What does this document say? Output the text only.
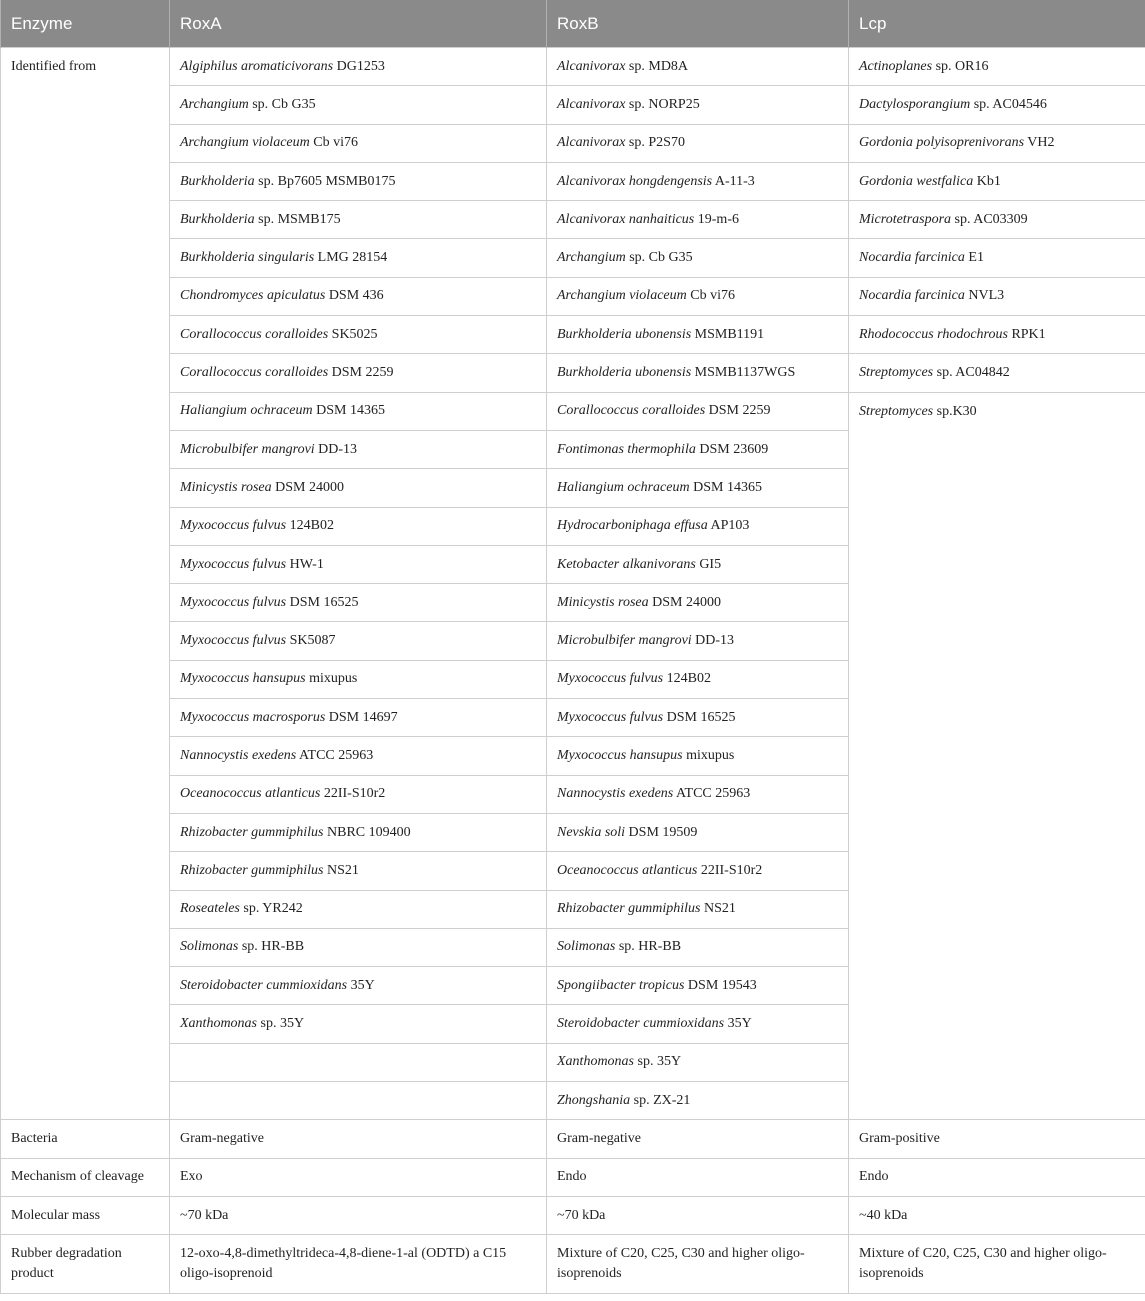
Enzyme	RoxA	RoxB	Lcp
Identified from	Algiphilus aromaticivorans DG1253	Alcanivorax sp. MD8A	Actinoplanes sp. OR16
	Archangium sp. Cb G35	Alcanivorax sp. NORP25	Dactylosporangium sp. AC04546
	Archangium violaceum Cb vi76	Alcanivorax sp. P2S70	Gordonia polyisoprenivorans VH2
	Burkholderia sp. Bp7605 MSMB0175	Alcanivorax hongdengensis A-11-3	Gordonia westfalica Kb1
	Burkholderia sp. MSMB175	Alcanivorax nanhaiticus 19-m-6	Microtetraspora sp. AC03309
	Burkholderia singularis LMG 28154	Archangium sp. Cb G35	Nocardia farcinica E1
	Chondromyces apiculatus DSM 436	Archangium violaceum Cb vi76	Nocardia farcinica NVL3
	Corallococcus coralloides SK5025	Burkholderia ubonensis MSMB1191	Rhodococcus rhodochrous RPK1
	Corallococcus coralloides DSM 2259	Burkholderia ubonensis MSMB1137WGS	Streptomyces sp. AC04842
	Haliangium ochraceum DSM 14365	Corallococcus coralloides DSM 2259	Streptomyces sp.K30
	Microbulbifer mangrovi DD-13	Fontimonas thermophila DSM 23609	
	Minicystis rosea DSM 24000	Haliangium ochraceum DSM 14365	
	Myxococcus fulvus 124B02	Hydrocarboniphaga effusa AP103	
	Myxococcus fulvus HW-1	Ketobacter alkanivorans GI5	
	Myxococcus fulvus DSM 16525	Minicystis rosea DSM 24000	
	Myxococcus fulvus SK5087	Microbulbifer mangrovi DD-13	
	Myxococcus hansupus mixupus	Myxococcus fulvus 124B02	
	Myxococcus macrosporus DSM 14697	Myxococcus fulvus DSM 16525	
	Nannocystis exedens ATCC 25963	Myxococcus hansupus mixupus	
	Oceanococcus atlanticus 22II-S10r2	Nannocystis exedens ATCC 25963	
	Rhizobacter gummiphilus NBRC 109400	Nevskia soli DSM 19509	
	Rhizobacter gummiphilus NS21	Oceanococcus atlanticus 22II-S10r2	
	Roseateles sp. YR242	Rhizobacter gummiphilus NS21	
	Solimonas sp. HR-BB	Solimonas sp. HR-BB	
	Steroidobacter cummioxidans 35Y	Spongiibacter tropicus DSM 19543	
	Xanthomonas sp. 35Y	Steroidobacter cummioxidans 35Y	
		Xanthomonas sp. 35Y	
		Zhongshania sp. ZX-21	
Bacteria	Gram-negative	Gram-negative	Gram-positive
Mechanism of cleavage	Exo	Endo	Endo
Molecular mass	~70 kDa	~70 kDa	~40 kDa
Rubber degradation product	12-oxo-4,8-dimethyltrideca-4,8-diene-1-al (ODTD) a C15 oligo-isoprenoid	Mixture of C20, C25, C30 and higher oligo-isoprenoids	Mixture of C20, C25, C30 and higher oligo-isoprenoids
